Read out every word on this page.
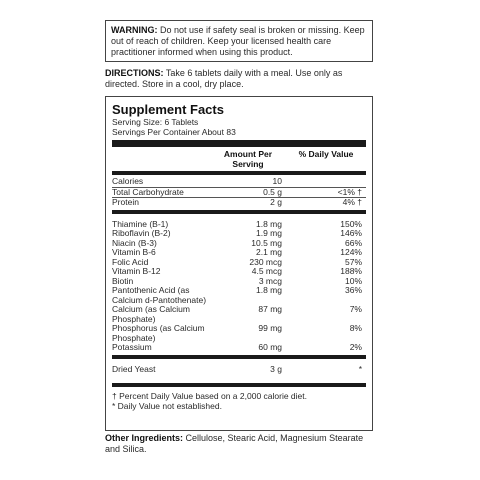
WARNING: Do not use if safety seal is broken or missing. Keep out of reach of children. Keep your licensed health care practitioner informed when using this product.
DIRECTIONS: Take 6 tablets daily with a meal. Use only as directed. Store in a cool, dry place.
Supplement Facts
Serving Size: 6 Tablets
Servings Per Container About 83
Amount Per Serving
% Daily Value
Calories	10
Total Carbohydrate	0.5 g	<1% †
Protein	2 g	4% †
Thiamine (B-1)	1.8 mg	150%
Riboflavin (B-2)	1.9 mg	146%
Niacin (B-3)	10.5 mg	66%
Vitamin B-6	2.1 mg	124%
Folic Acid	230 mcg	57%
Vitamin B-12	4.5 mcg	188%
Biotin	3 mcg	10%
Pantothenic Acid (as Calcium d-Pantothenate)
1.8 mg	36%
Calcium (as Calcium Phosphate)
87 mg	7%
Phosphorus (as Calcium Phosphate)
99 mg	8%
Potassium	60 mg	2%
Dried Yeast	3 g	*
† Percent Daily Value based on a 2,000 calorie diet.
* Daily Value not established.
Other Ingredients: Cellulose, Stearic Acid, Magnesium Stearate and Silica.
